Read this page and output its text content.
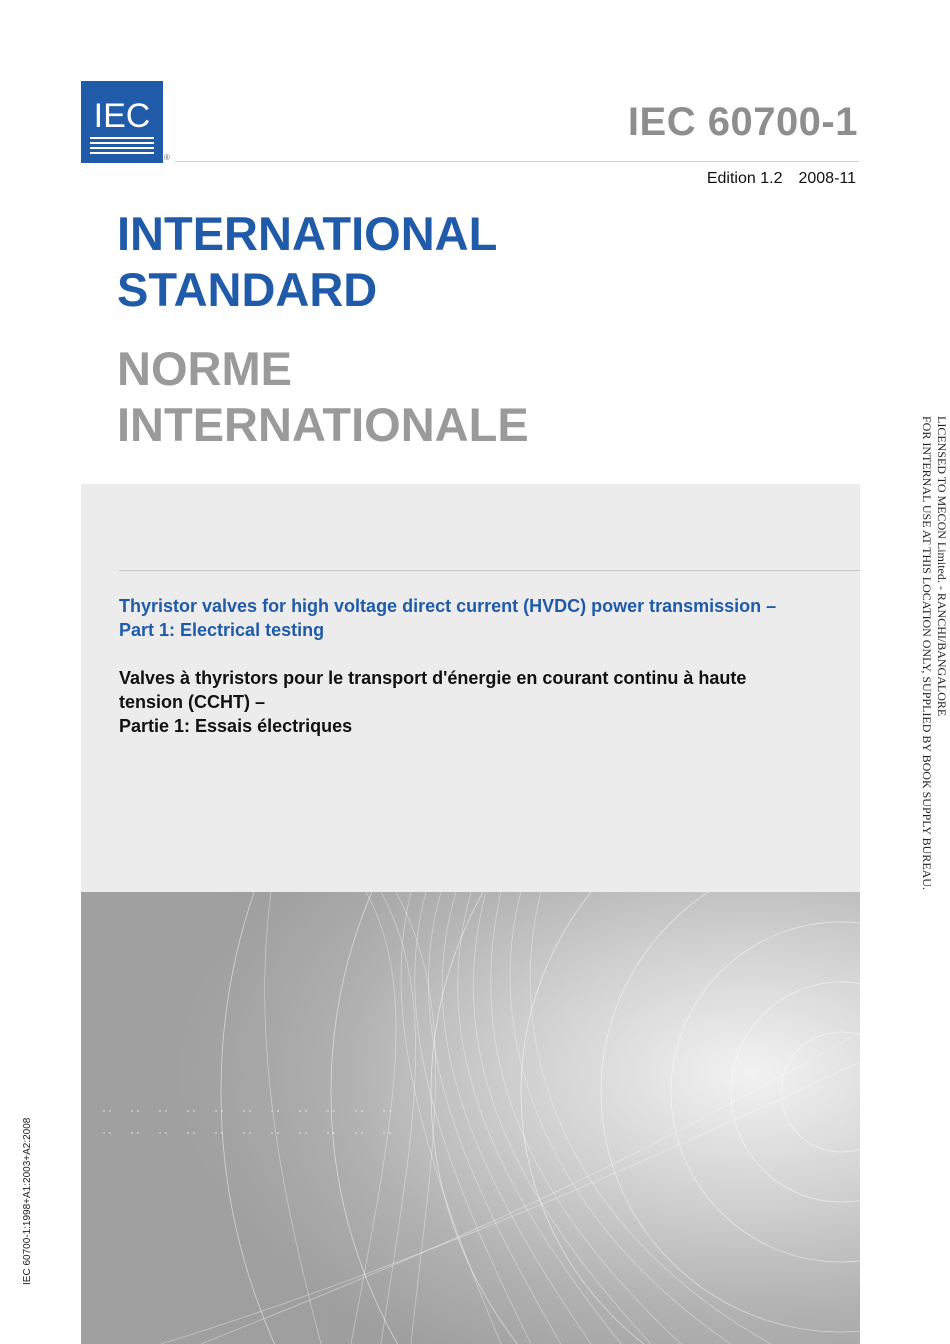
IEC
®
IEC 60700-1
Edition 1.2 2008-11
INTERNATIONAL
STANDARD
NORME
INTERNATIONALE
Thyristor valves for high voltage direct current (HVDC) power transmission –
Part 1: Electrical testing
Valves à thyristors pour le transport d'énergie en courant continu à haute
tension (CCHT) –
Partie 1: Essais électriques
LICENSED TO MECON Limited. - RANCHI/BANGALORE
FOR INTERNAL USE AT THIS LOCATION ONLY, SUPPLIED BY BOOK SUPPLY BUREAU.
IEC 60700-1:1998+A1:2003+A2:2008
